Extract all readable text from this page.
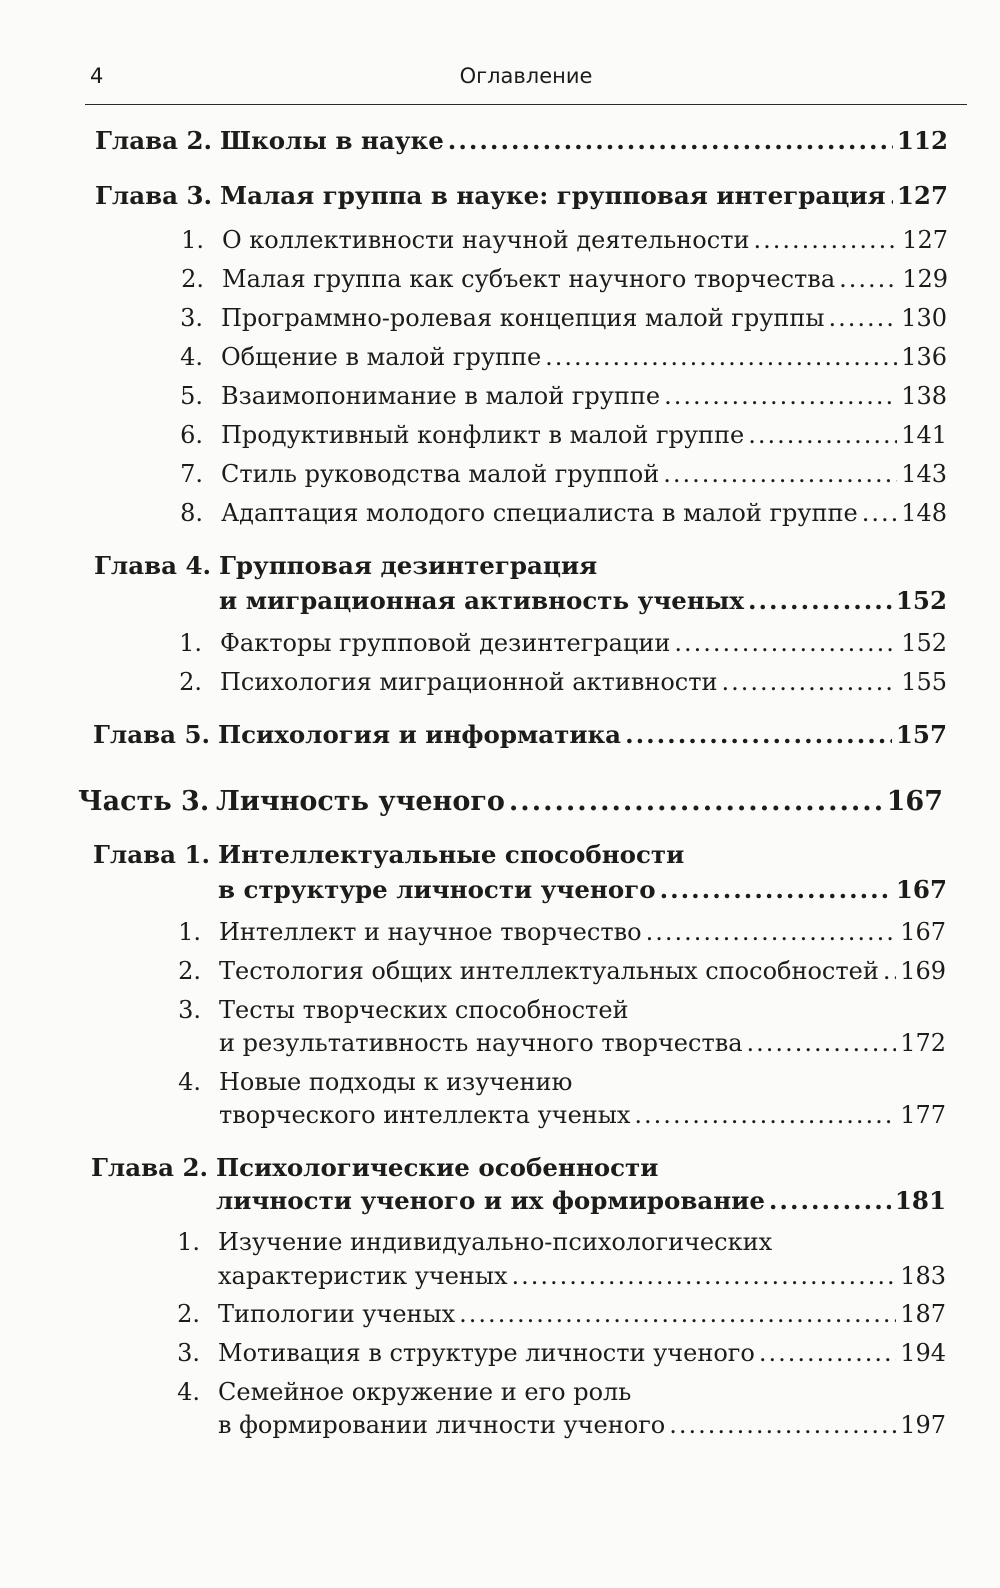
4	Оглавление
Глава 2. Школы в науке .....	112
Глава 3. Малая группа в науке: групповая интеграция ..... 127
1. О коллективности научной деятельности .....	127
2. Малая группа как субъект научного творчества .....	129
3. Программно-ролевая концепция малой группы .....	130
4. Общение в малой группе .....	136
5. Взаимопонимание в малой группе .....	138
6. Продуктивный конфликт в малой группе .....	141
7. Стиль руководства малой группой .....	143
8. Адаптация молодого специалиста в малой группе ..... 148
Глава 4. Групповая дезинтеграция
и миграционная активность ученых .....	152
1. Факторы групповой дезинтеграции .....	152
2. Психология миграционной активности .....	155
Глава 5. Психология и информатика .....	157
Часть 3. Личность ученого .....	167
Глава 1. Интеллектуальные способности
в структуре личности ученого .....	167
1. Интеллект и научное творчество .....	167
2. Тестология общих интеллектуальных способностей ..... 169
3. Тесты творческих способностей
и результативность научного творчества .....	172
4. Новые подходы к изучению
творческого интеллекта ученых .....	177
Глава 2. Психологические особенности
личности ученого и их формирование .....	181
1. Изучение индивидуально-психологических
характеристик ученых .....	183
2. Типологии ученых .....	187
3. Мотивация в структуре личности ученого .....	194
4. Семейное окружение и его роль
в формировании личности ученого .....	197
